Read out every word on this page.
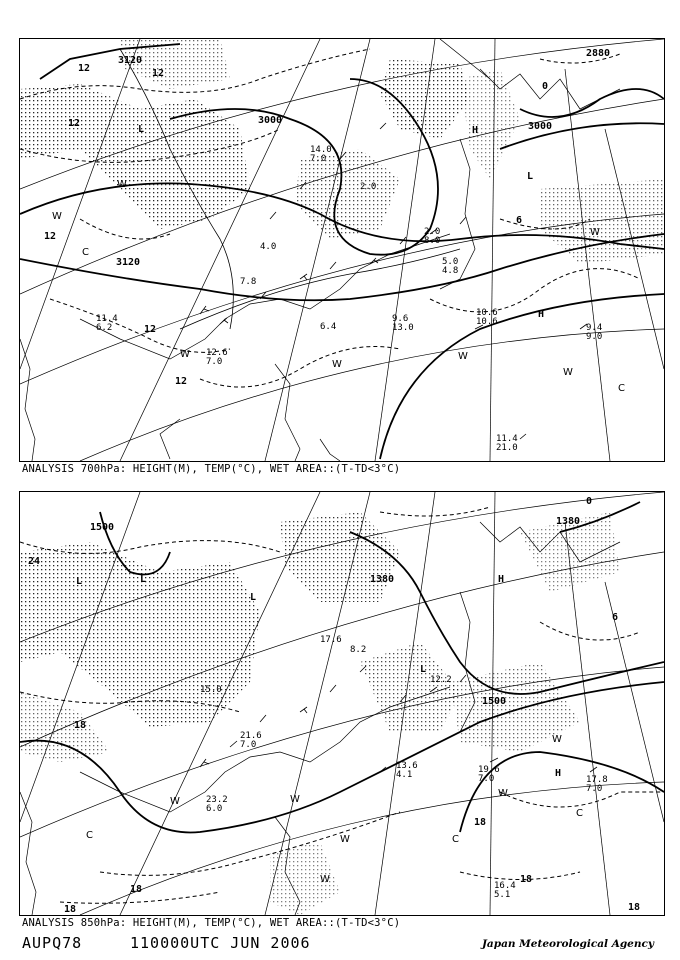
3120
3000
3000
2880
3120
12	12
12
12
12
12
6
0
L	H
L
H
W
W
W
W
C
C
W
W
W
10.6
10.6
9.4
9.0
11.4
21.0
12.6
7.0
11.4
6.2
9.6
13.0
14.0
7.0
2.0
8.0
5.0
4.8
2.0
7.8
6.4
4.0
ANALYSIS 700hPa: HEIGHT(M), TEMP(°C), WET AREA::(T-TD<3°C)
1500
1380
1500
1380
24
18
18
18
18
18
0
6
18
L	L
L
H
H
L
W
W
W
W
W
C
C
C
W
19.6
7.0	17.8
7.0
16.4
5.1
23.2
6.0
13.6
4.1
21.6
7.0
17.6
12.2
15.0
8.2
ANALYSIS 850hPa: HEIGHT(M), TEMP(°C), WET AREA::(T-TD<3°C)
AUPQ78	110000UTC JUN 2006	Japan Meteorological Agency
